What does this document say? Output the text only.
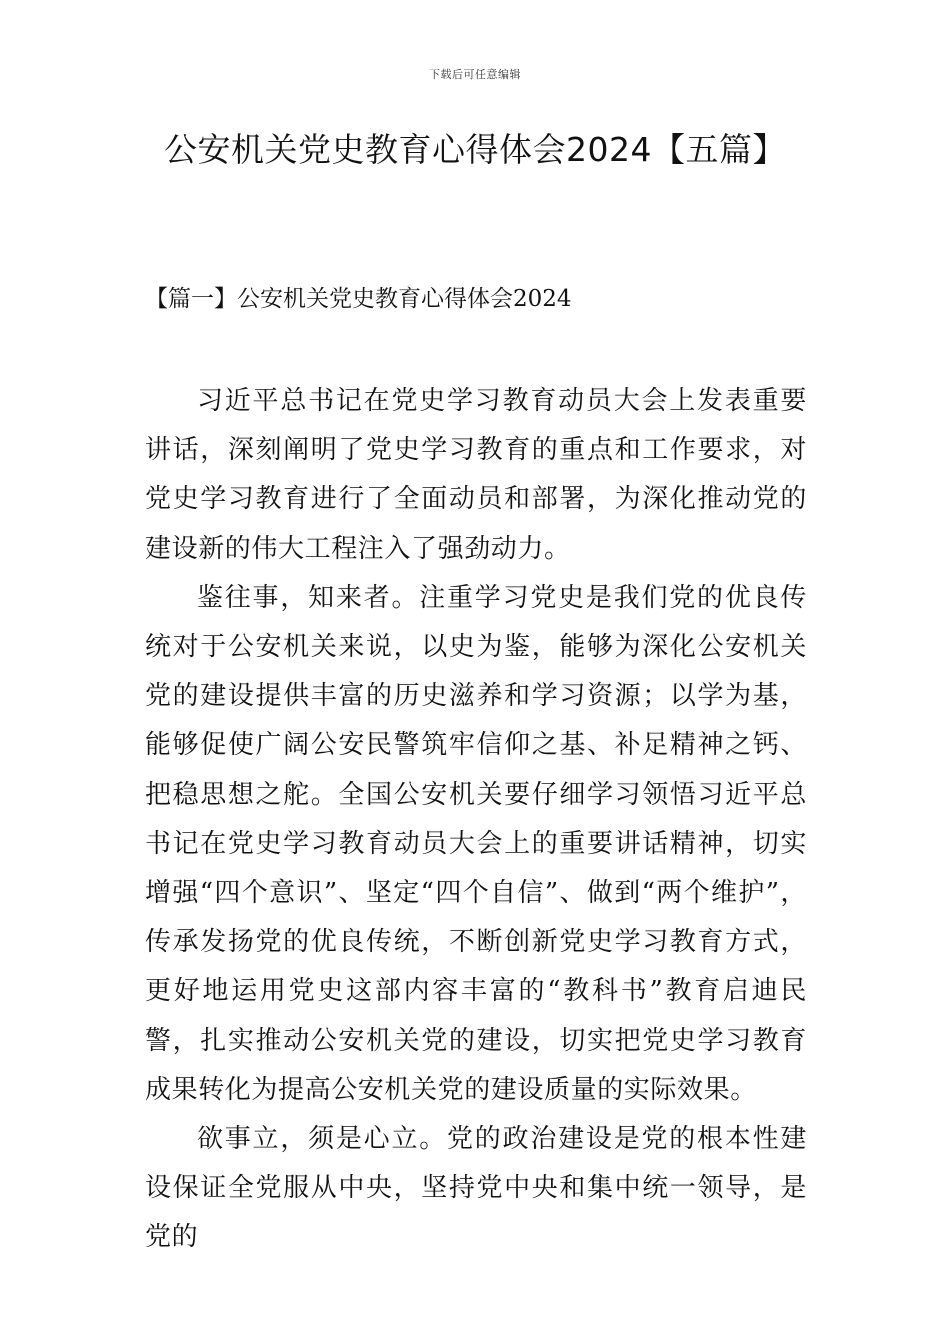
下载后可任意编辑
公安机关党史教育心得体会2024【五篇】
【篇一】公安机关党史教育心得体会2024

习近平总书记在党史学习教育动员大会上发表重要讲话，深刻阐明了党史学习教育的重点和工作要求，对党史学习教育进行了全面动员和部署，为深化推动党的建设新的伟大工程注入了强劲动力。

鉴往事，知来者。注重学习党史是我们党的优良传统对于公安机关来说，以史为鉴，能够为深化公安机关党的建设提供丰富的历史滋养和学习资源；以学为基，能够促使广阔公安民警筑牢信仰之基、补足精神之钙、把稳思想之舵。全国公安机关要仔细学习领悟习近平总书记在党史学习教育动员大会上的重要讲话精神，切实增强“四个意识”、坚定“四个自信”、做到“两个维护”，传承发扬党的优良传统，不断创新党史学习教育方式，更好地运用党史这部内容丰富的“教科书”教育启迪民警，扎实推动公安机关党的建设，切实把党史学习教育成果转化为提高公安机关党的建设质量的实际效果。

欲事立，须是心立。党的政治建设是党的根本性建设保证全党服从中央，坚持党中央和集中统一领导，是党的
